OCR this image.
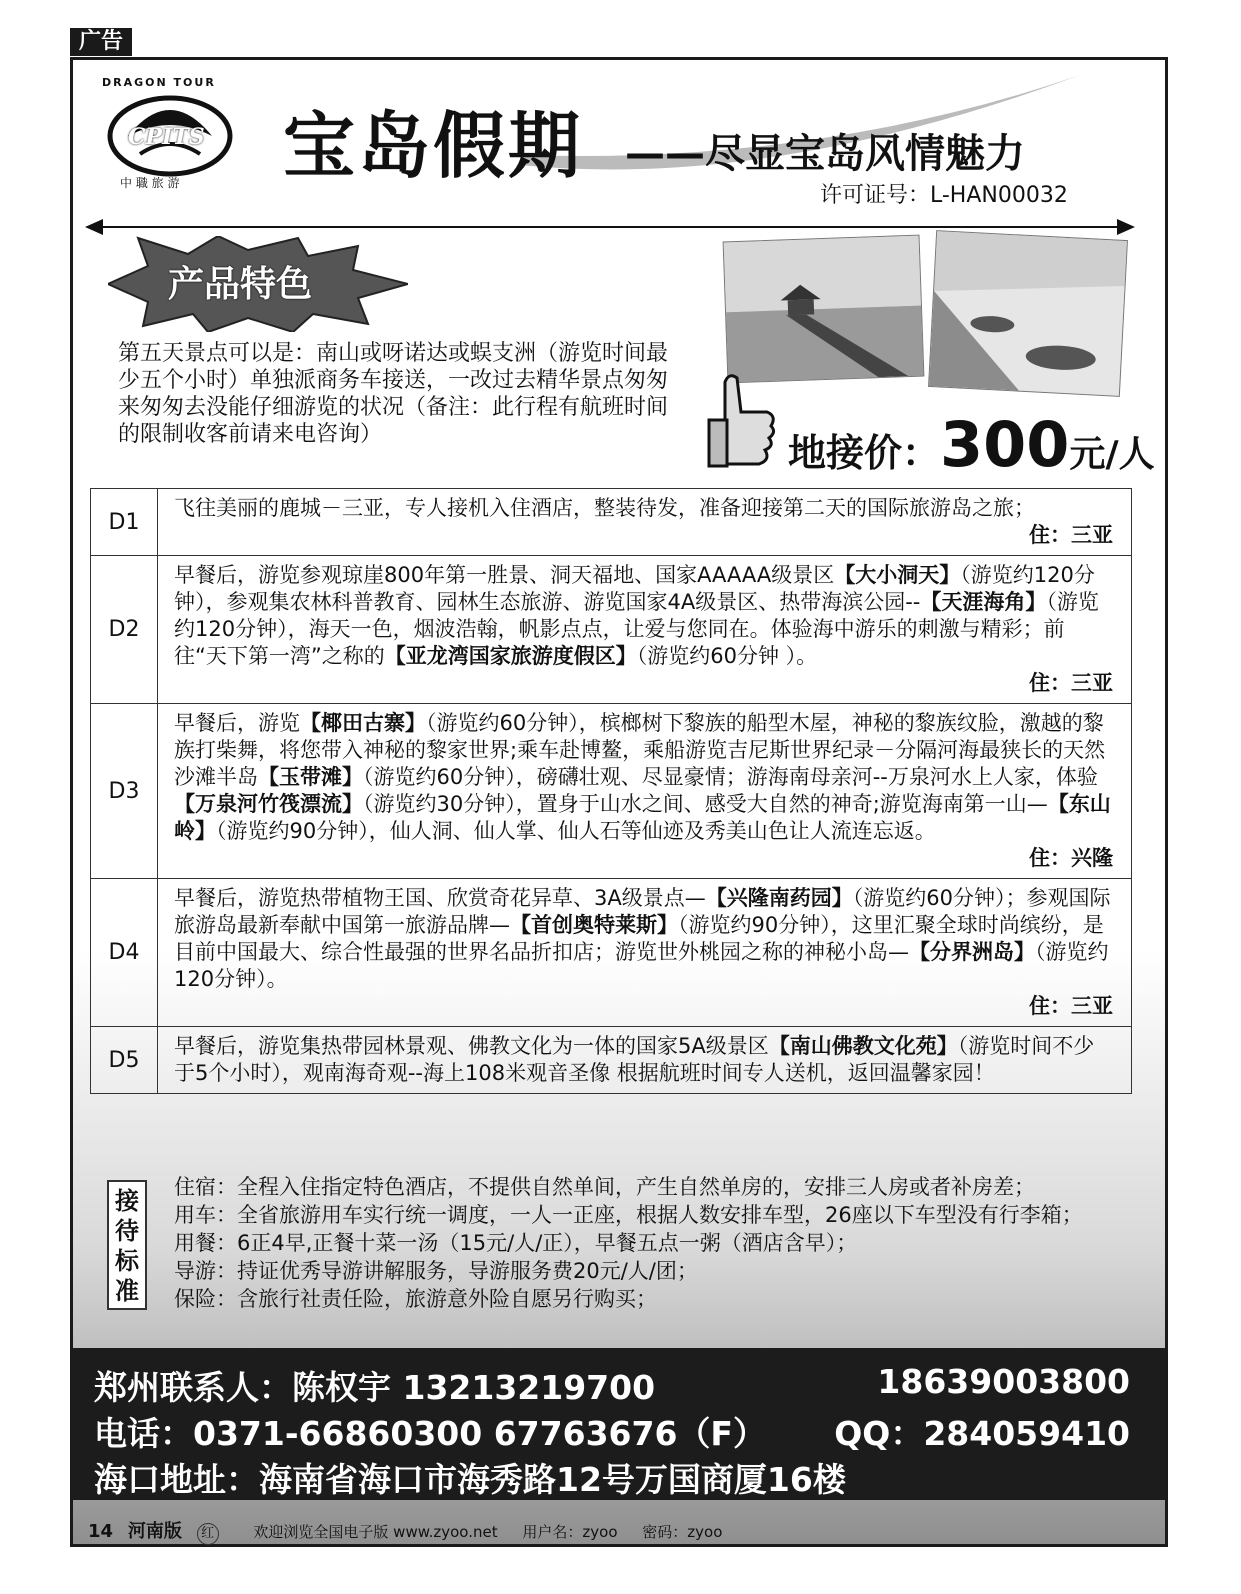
广告
CPITS
DRAGON TOUR
中 職 旅 游 宝岛假期 ——尽显宝岛风情魅力
许可证号：L-HAN00032
产品特色
第五天景点可以是：南山或呀诺达或蜈支洲（游览时间最少五个小时）单独派商务车接送，一改过去精华景点匆匆来匆匆去没能仔细游览的状况（备注：此行程有航班时间的限制收客前请来电咨询）	地接价：300元/人
D1	飞往美丽的鹿城－三亚，专人接机入住酒店，整装待发，准备迎接第二天的国际旅游岛之旅；
住：三亚

D2	早餐后，游览参观琼崖800年第一胜景、洞天福地、国家AAAAA级景区【大小洞天】（游览约120分钟），参观集农林科普教育、园林生态旅游、游览国家4A级景区、热带海滨公园--【天涯海角】（游览约120分钟），海天一色，烟波浩翰，帆影点点，让爱与您同在。体验海中游乐的刺激与精彩；前往“天下第一湾”之称的【亚龙湾国家旅游度假区】（游览约60分钟 ）。
住：三亚

D3	早餐后，游览【椰田古寨】（游览约60分钟），槟榔树下黎族的船型木屋，神秘的黎族纹脸，激越的黎族打柴舞，将您带入神秘的黎家世界;乘车赴博鳌，乘船游览吉尼斯世界纪录－分隔河海最狭长的天然沙滩半岛【玉带滩】（游览约60分钟），磅礴壮观、尽显豪情；游海南母亲河--万泉河水上人家，体验【万泉河竹筏漂流】（游览约30分钟），置身于山水之间、感受大自然的神奇;游览海南第一山—【东山岭】（游览约90分钟），仙人洞、仙人掌、仙人石等仙迹及秀美山色让人流连忘返。
住：兴隆

D4	早餐后，游览热带植物王国、欣赏奇花异草、3A级景点—【兴隆南药园】（游览约60分钟）；参观国际旅游岛最新奉献中国第一旅游品牌—【首创奥特莱斯】（游览约90分钟），这里汇聚全球时尚缤纷，是目前中国最大、综合性最强的世界名品折扣店；游览世外桃园之称的神秘小岛—【分界洲岛】（游览约120分钟）。
住：三亚

D5	早餐后，游览集热带园林景观、佛教文化为一体的国家5A级景区【南山佛教文化苑】（游览时间不少于5个小时），观南海奇观--海上108米观音圣像 根据航班时间专人送机，返回温馨家园！
接待标准
住宿：全程入住指定特色酒店，不提供自然单间，产生自然单房的，安排三人房或者补房差；
用车：全省旅游用车实行统一调度，一人一正座，根据人数安排车型，26座以下车型没有行李箱；
用餐：6正4早,正餐十菜一汤（15元/人/正），早餐五点一粥（酒店含早）；
导游：持证优秀导游讲解服务，导游服务费20元/人/团；
保险：含旅行社责任险，旅游意外险自愿另行购买；
郑州联系人：陈权宇 13213219700	18639003800
电话：0371-66860300 67763676（F） QQ：284059410
海口地址：海南省海口市海秀路12号万国商厦16楼
14 河南版 红	欢迎浏览全国电子版 www.zyoo.net 用户名：zyoo 密码：zyoo
